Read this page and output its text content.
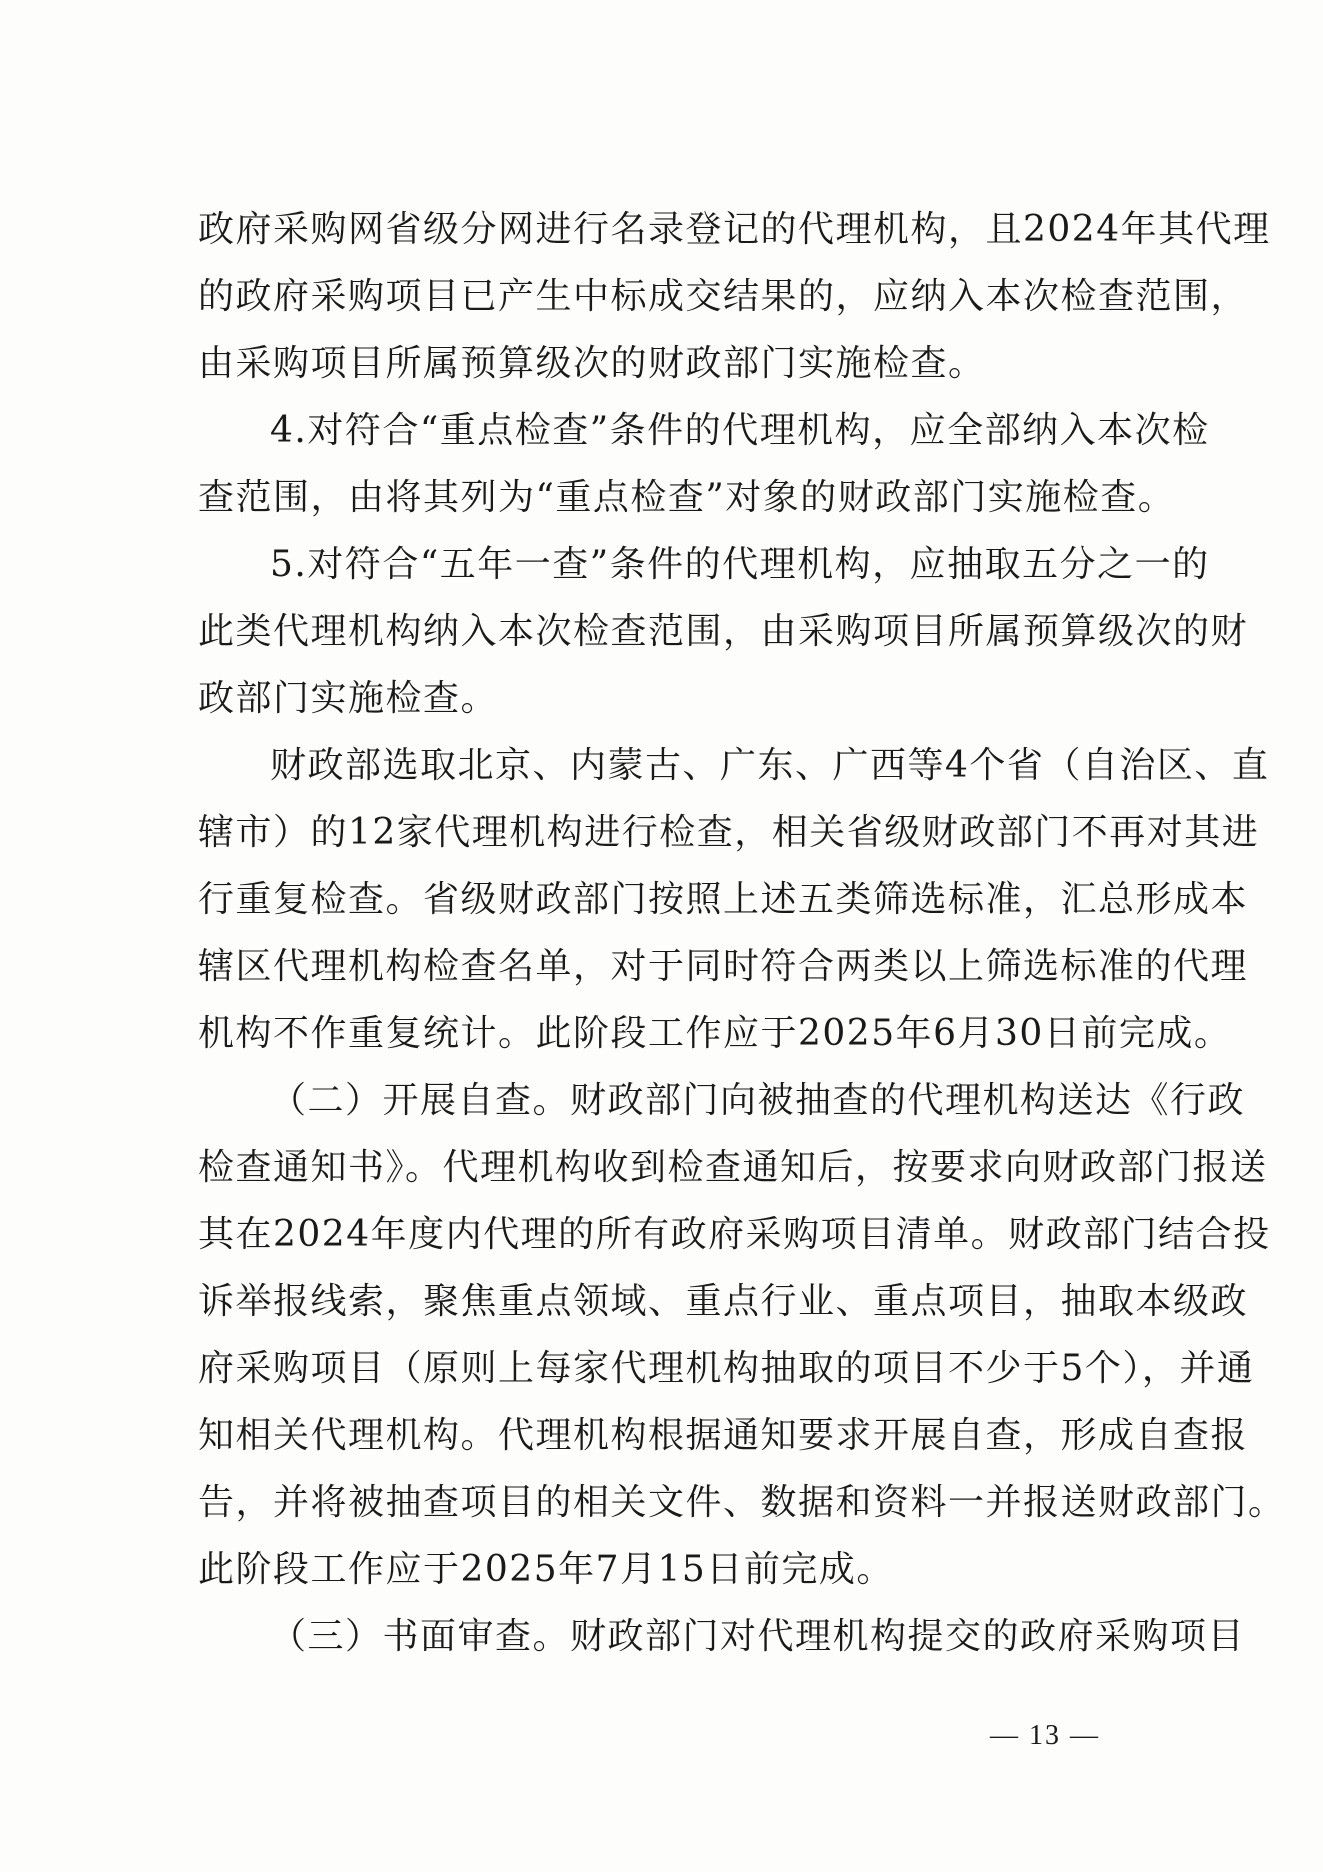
政府采购网省级分网进行名录登记的代理机构，且2024年其代理
的政府采购项目已产生中标成交结果的，应纳入本次检查范围，
由采购项目所属预算级次的财政部门实施检查。
4.对符合“重点检查”条件的代理机构，应全部纳入本次检
查范围，由将其列为“重点检查”对象的财政部门实施检查。
5.对符合“五年一查”条件的代理机构，应抽取五分之一的
此类代理机构纳入本次检查范围，由采购项目所属预算级次的财
政部门实施检查。
财政部选取北京、内蒙古、广东、广西等4个省（自治区、直
辖市）的12家代理机构进行检查，相关省级财政部门不再对其进
行重复检查。省级财政部门按照上述五类筛选标准，汇总形成本
辖区代理机构检查名单，对于同时符合两类以上筛选标准的代理
机构不作重复统计。此阶段工作应于2025年6月30日前完成。
（二）开展自查。财政部门向被抽查的代理机构送达《行政
检查通知书》。代理机构收到检查通知后，按要求向财政部门报送
其在2024年度内代理的所有政府采购项目清单。财政部门结合投
诉举报线索，聚焦重点领域、重点行业、重点项目，抽取本级政
府采购项目（原则上每家代理机构抽取的项目不少于5个），并通
知相关代理机构。代理机构根据通知要求开展自查，形成自查报
告，并将被抽查项目的相关文件、数据和资料一并报送财政部门。
此阶段工作应于2025年7月15日前完成。
（三）书面审查。财政部门对代理机构提交的政府采购项目
— 13 —
